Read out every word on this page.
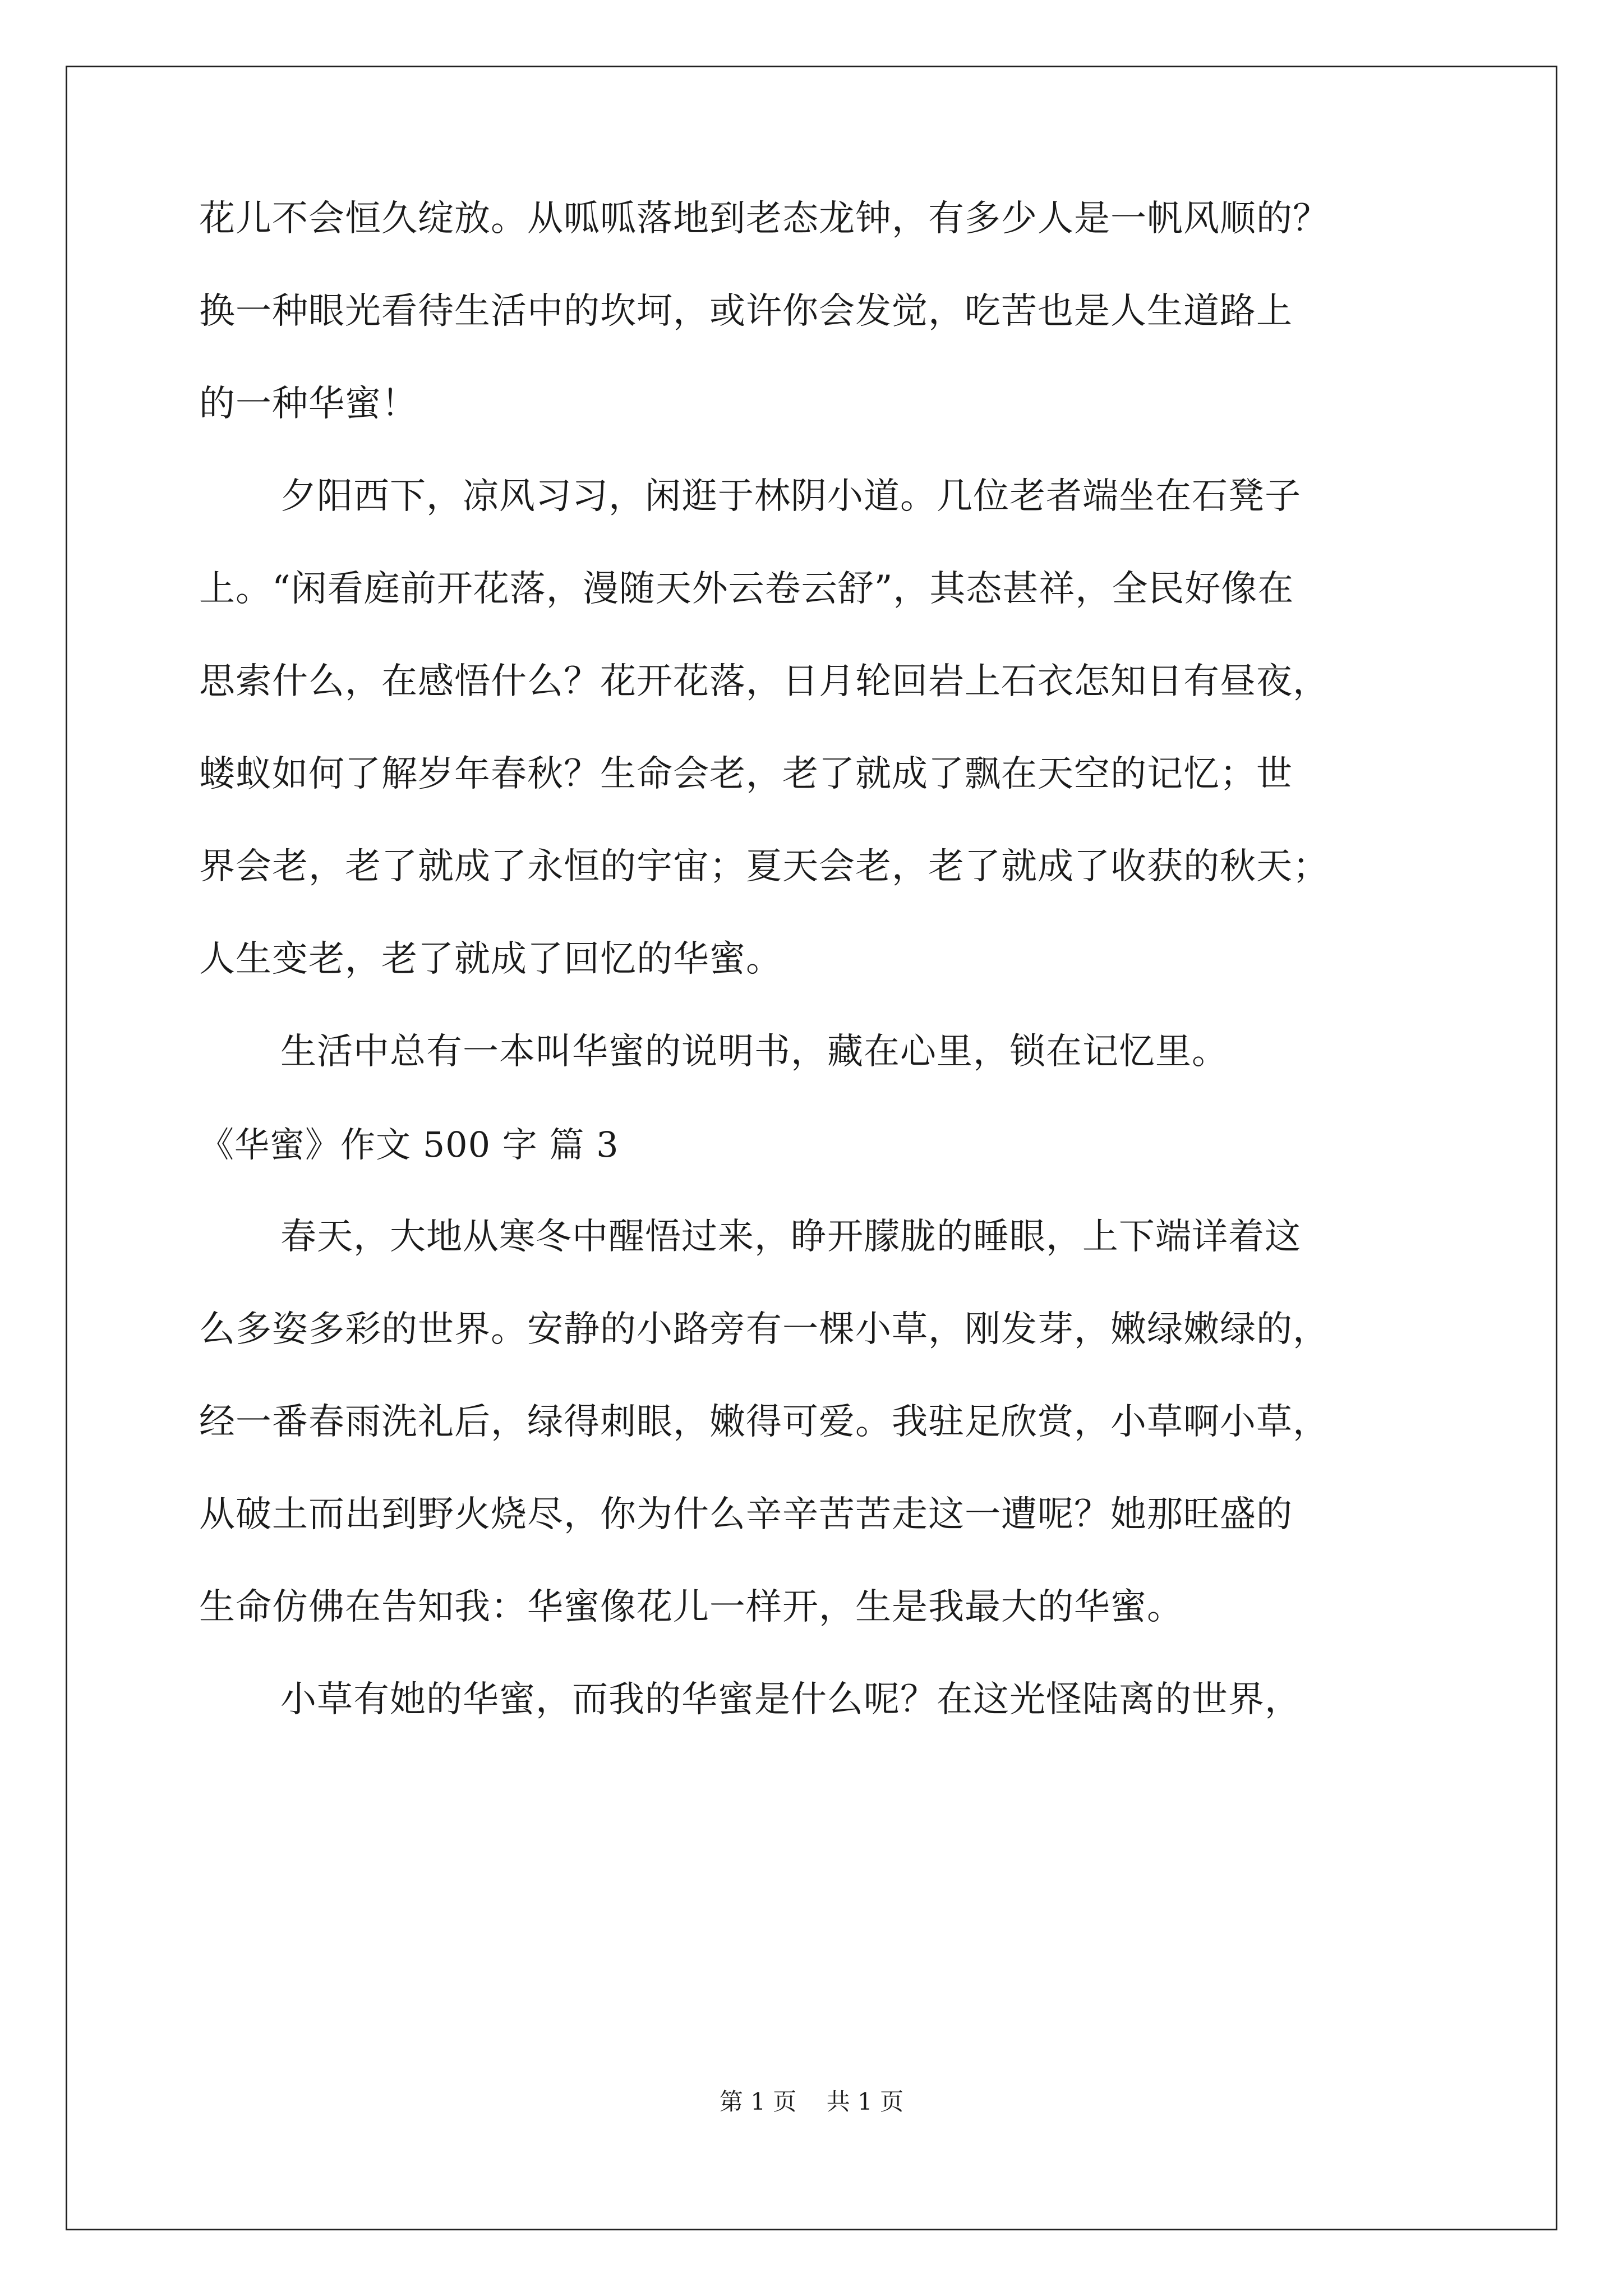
花儿不会恒久绽放。从呱呱落地到老态龙钟，有多少人是一帆风顺的？
换一种眼光看待生活中的坎坷，或许你会发觉，吃苦也是人生道路上
的一种华蜜！
夕阳西下，凉风习习，闲逛于林阴小道。几位老者端坐在石凳子
上。“闲看庭前开花落，漫随天外云卷云舒”，其态甚祥，全民好像在
思索什么，在感悟什么？花开花落，日月轮回岩上石衣怎知日有昼夜，
蝼蚁如何了解岁年春秋？生命会老，老了就成了飘在天空的记忆；世
界会老，老了就成了永恒的宇宙；夏天会老，老了就成了收获的秋天；
人生变老，老了就成了回忆的华蜜。
生活中总有一本叫华蜜的说明书，藏在心里，锁在记忆里。
《华蜜》作文 500 字 篇 3
春天，大地从寒冬中醒悟过来，睁开朦胧的睡眼，上下端详着这
么多姿多彩的世界。安静的小路旁有一棵小草，刚发芽，嫩绿嫩绿的，
经一番春雨洗礼后，绿得刺眼，嫩得可爱。我驻足欣赏，小草啊小草，
从破土而出到野火烧尽，你为什么辛辛苦苦走这一遭呢？她那旺盛的
生命仿佛在告知我：华蜜像花儿一样开，生是我最大的华蜜。
小草有她的华蜜，而我的华蜜是什么呢？在这光怪陆离的世界，
第 1 页    共 1 页
